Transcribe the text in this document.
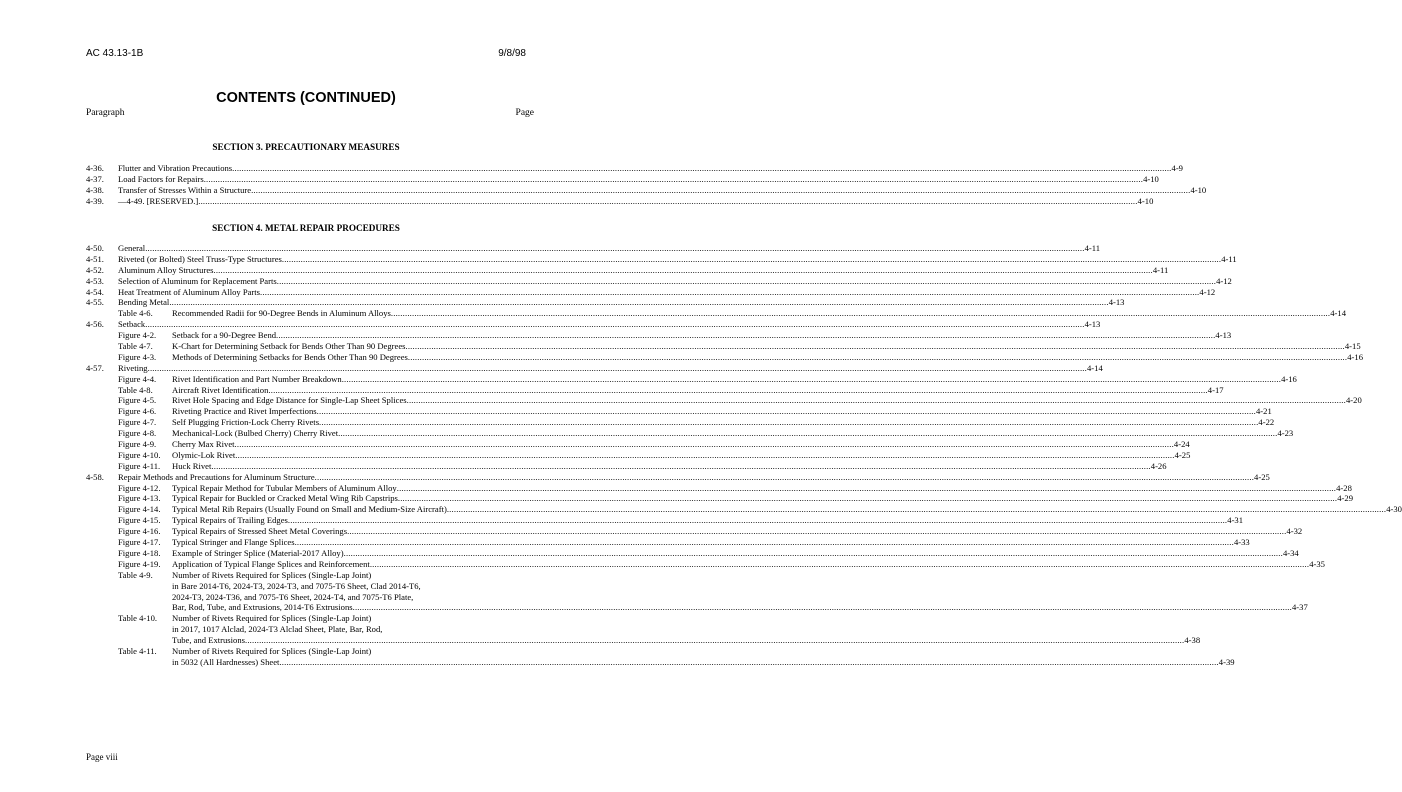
AC 43.13-1B	9/8/98
CONTENTS (CONTINUED)
Paragraph	Page
SECTION 3. PRECAUTIONARY MEASURES
4-36. Flutter and Vibration Precautions ................................................................................................................................................................................................................................................................................................................................................................................................................ 4-9
4-37. Load Factors for Repairs ................................................................................................................................................................................................................................................................................................................................................................................................................ 4-10
4-38. Transfer of Stresses Within a Structure ................................................................................................................................................................................................................................................................................................................................................................................................................ 4-10
4-39. —4-49. [RESERVED.] ................................................................................................................................................................................................................................................................................................................................................................................................................ 4-10
SECTION 4. METAL REPAIR PROCEDURES
4-50. General ................................................................................................................................................................................................................................................................................................................................................................................................................ 4-11
4-51. Riveted (or Bolted) Steel Truss-Type Structures ................................................................................................................................................................................................................................................................................................................................................................................................................ 4-11
4-52. Aluminum Alloy Structures ................................................................................................................................................................................................................................................................................................................................................................................................................ 4-11
4-53. Selection of Aluminum for Replacement Parts ................................................................................................................................................................................................................................................................................................................................................................................................................ 4-12
4-54. Heat Treatment of Aluminum Alloy Parts ................................................................................................................................................................................................................................................................................................................................................................................................................ 4-12
4-55. Bending Metal ................................................................................................................................................................................................................................................................................................................................................................................................................ 4-13
Table 4-6. Recommended Radii for 90-Degree Bends in Aluminum Alloys ................................................................................................................................................................................................................................................................................................................................................................................................................ 4-14
4-56. Setback ................................................................................................................................................................................................................................................................................................................................................................................................................ 4-13
Figure 4-2. Setback for a 90-Degree Bend ................................................................................................................................................................................................................................................................................................................................................................................................................ 4-13
Table 4-7. K-Chart for Determining Setback for Bends Other Than 90 Degrees ................................................................................................................................................................................................................................................................................................................................................................................................................ 4-15
Figure 4-3. Methods of Determining Setbacks for Bends Other Than 90 Degrees ................................................................................................................................................................................................................................................................................................................................................................................................................ 4-16
4-57. Riveting ................................................................................................................................................................................................................................................................................................................................................................................................................ 4-14
Figure 4-4. Rivet Identification and Part Number Breakdown ................................................................................................................................................................................................................................................................................................................................................................................................................ 4-16
Table 4-8. Aircraft Rivet Identification ................................................................................................................................................................................................................................................................................................................................................................................................................ 4-17
Figure 4-5. Rivet Hole Spacing and Edge Distance for Single-Lap Sheet Splices ................................................................................................................................................................................................................................................................................................................................................................................................................ 4-20
Figure 4-6. Riveting Practice and Rivet Imperfections ................................................................................................................................................................................................................................................................................................................................................................................................................ 4-21
Figure 4-7. Self Plugging Friction-Lock Cherry Rivets ................................................................................................................................................................................................................................................................................................................................................................................................................ 4-22
Figure 4-8. Mechanical-Lock (Bulbed Cherry) Cherry Rivet ................................................................................................................................................................................................................................................................................................................................................................................................................ 4-23
Figure 4-9. Cherry Max Rivet ................................................................................................................................................................................................................................................................................................................................................................................................................ 4-24
Figure 4-10. Olymic-Lok Rivet ................................................................................................................................................................................................................................................................................................................................................................................................................ 4-25
Figure 4-11. Huck Rivet ................................................................................................................................................................................................................................................................................................................................................................................................................ 4-26
4-58. Repair Methods and Precautions for Aluminum Structure ................................................................................................................................................................................................................................................................................................................................................................................................................ 4-25
Figure 4-12. Typical Repair Method for Tubular Members of Aluminum Alloy ................................................................................................................................................................................................................................................................................................................................................................................................................ 4-28
Figure 4-13. Typical Repair for Buckled or Cracked Metal Wing Rib Capstrips ................................................................................................................................................................................................................................................................................................................................................................................................................ 4-29
Figure 4-14. Typical Metal Rib Repairs (Usually Found on Small and Medium-Size Aircraft) ................................................................................................................................................................................................................................................................................................................................................................................................................ 4-30
Figure 4-15. Typical Repairs of Trailing Edges ................................................................................................................................................................................................................................................................................................................................................................................................................ 4-31
Figure 4-16. Typical Repairs of Stressed Sheet Metal Coverings ................................................................................................................................................................................................................................................................................................................................................................................................................ 4-32
Figure 4-17. Typical Stringer and Flange Splices ................................................................................................................................................................................................................................................................................................................................................................................................................ 4-33
Figure 4-18. Example of Stringer Splice (Material-2017 Alloy) ................................................................................................................................................................................................................................................................................................................................................................................................................ 4-34
Figure 4-19. Application of Typical Flange Splices and Reinforcement ................................................................................................................................................................................................................................................................................................................................................................................................................ 4-35
Table 4-9. Number of Rivets Required for Splices (Single-Lap Joint)
in Bare 2014-T6, 2024-T3, 2024-T3, and 7075-T6 Sheet, Clad 2014-T6,
2024-T3, 2024-T36, and 7075-T6 Sheet, 2024-T4, and 7075-T6 Plate,
Bar, Rod, Tube, and Extrusions, 2014-T6 Extrusions ................................................................................................................................................................................................................................................................................................................................................................................................................ 4-37
Table 4-10. Number of Rivets Required for Splices (Single-Lap Joint)
in 2017, 1017 Alclad, 2024-T3 Alclad Sheet, Plate, Bar, Rod,
Tube, and Extrusions ................................................................................................................................................................................................................................................................................................................................................................................................................ 4-38
Table 4-11. Number of Rivets Required for Splices (Single-Lap Joint)
in 5032 (All Hardnesses) Sheet ................................................................................................................................................................................................................................................................................................................................................................................................................ 4-39
Page viii
